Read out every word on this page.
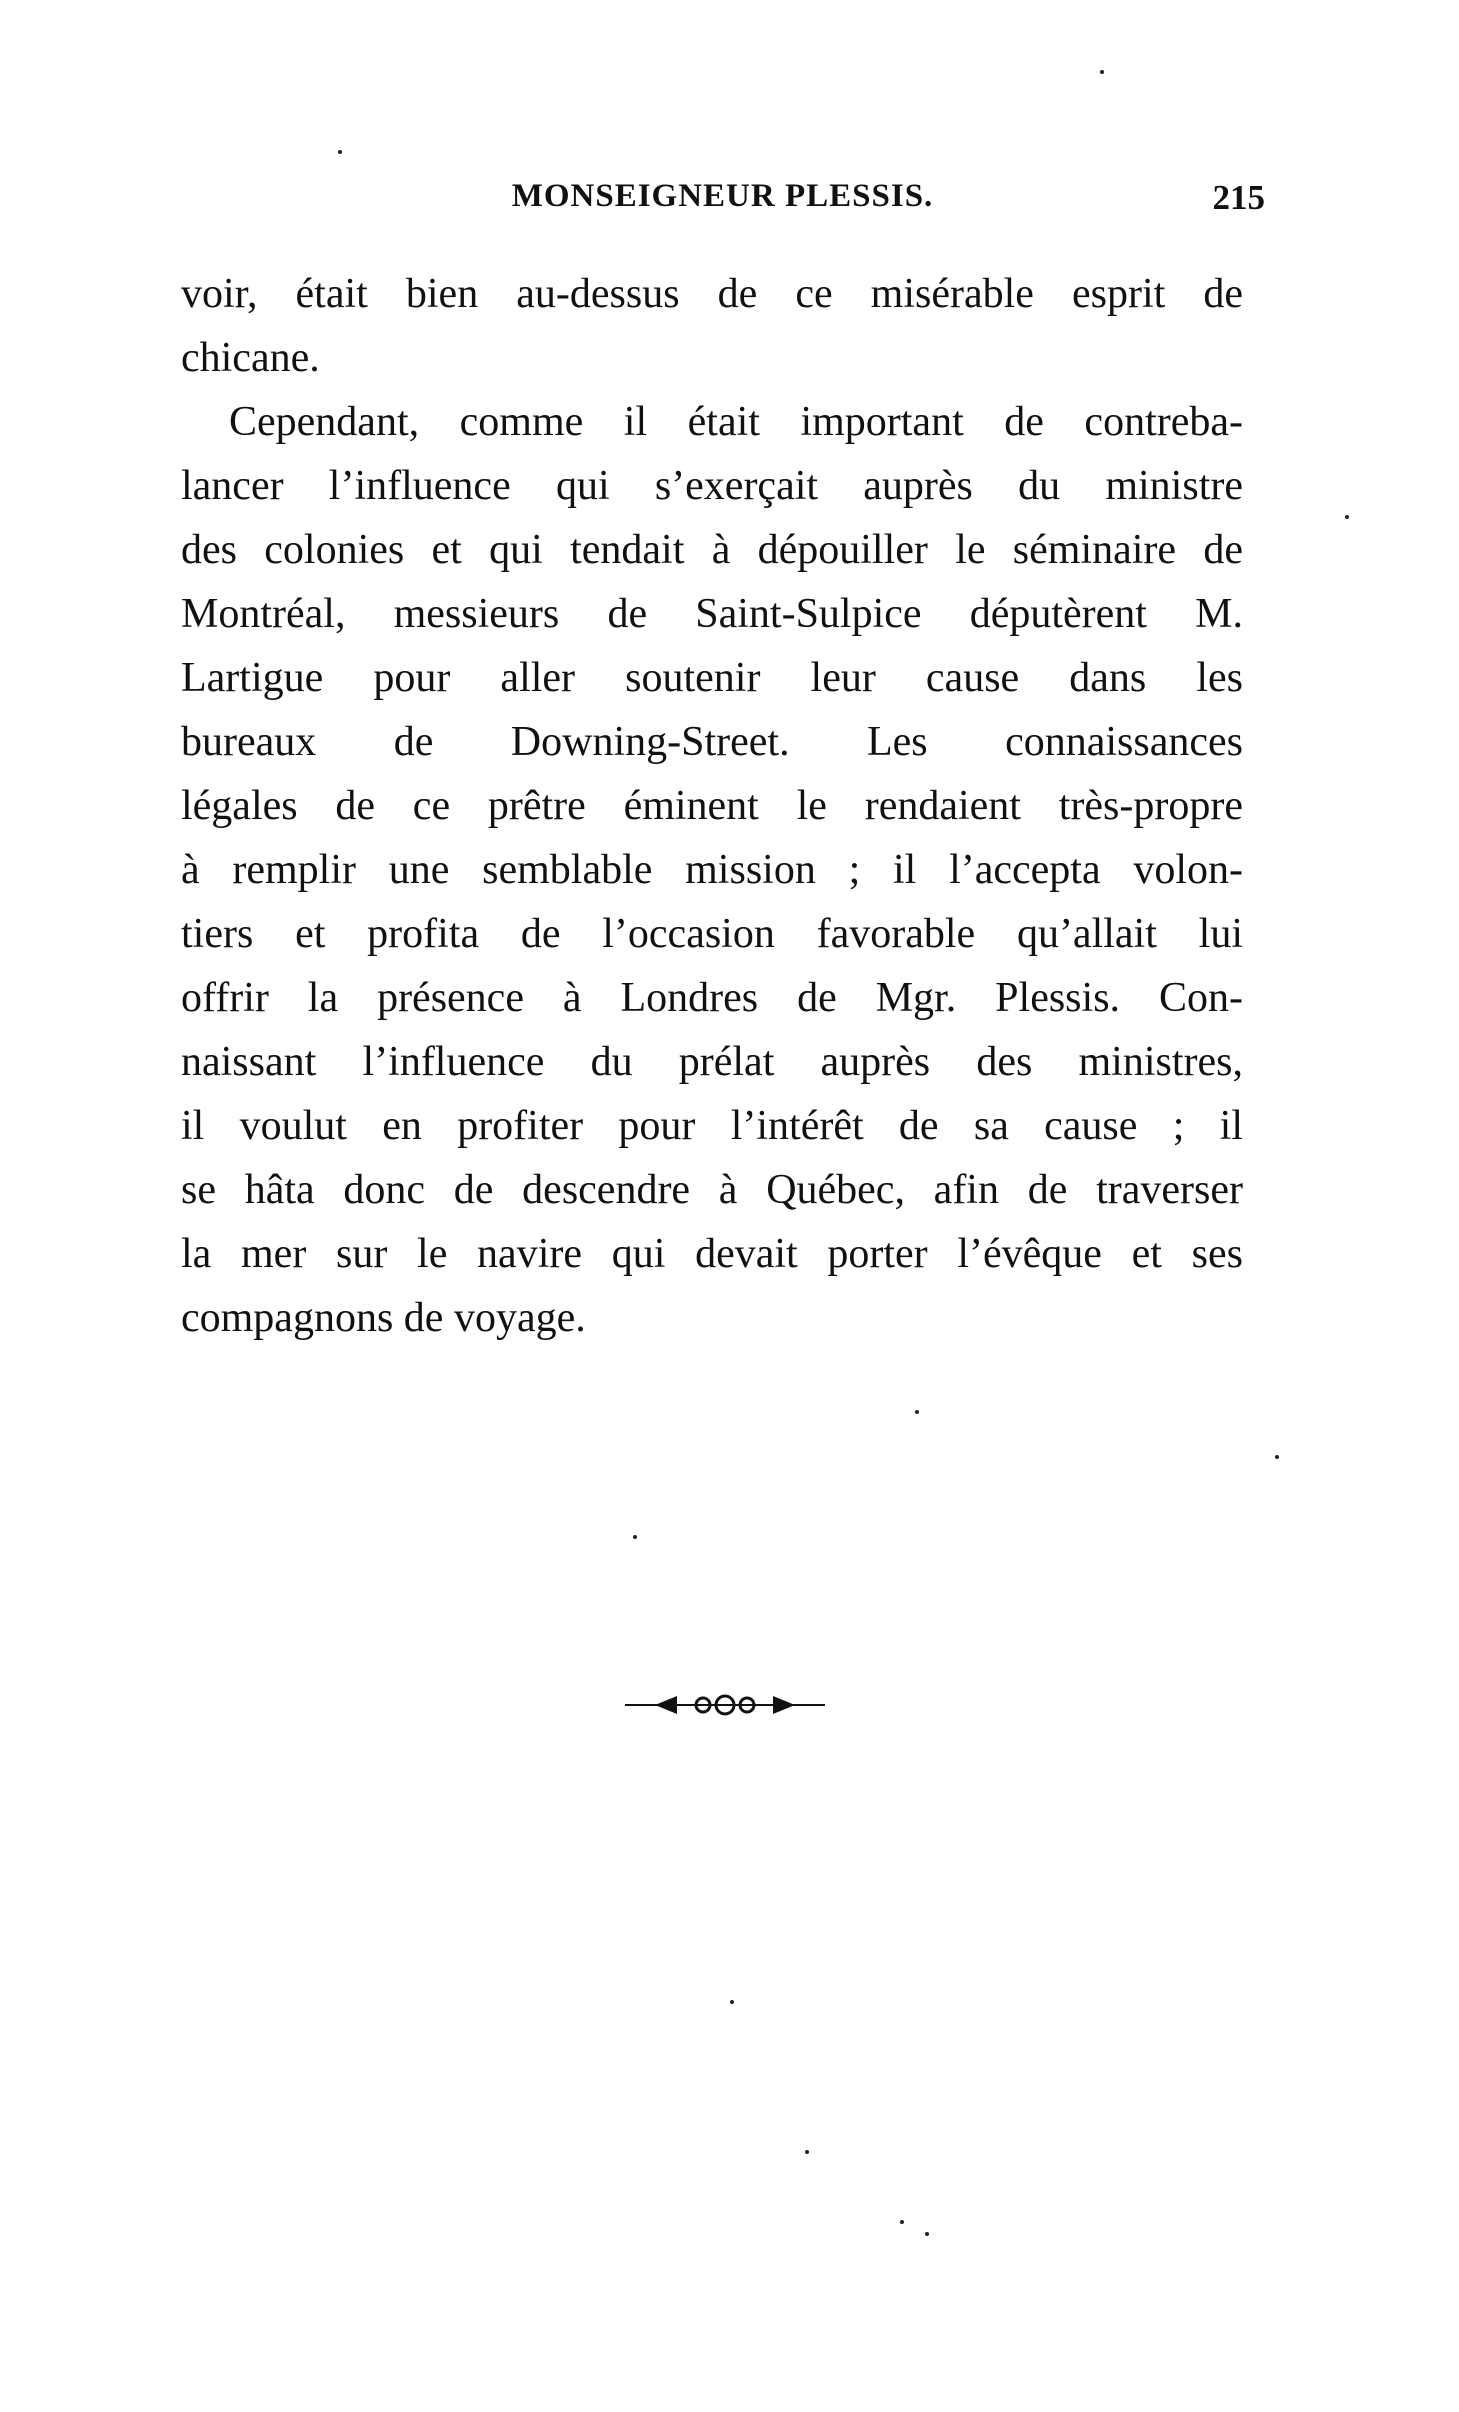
MONSEIGNEUR PLESSIS.	215
voir, était bien au-dessus de ce misérable esprit de
chicane.
Cependant, comme il était important de contreba-
lancer l’influence qui s’exerçait auprès du ministre
des colonies et qui tendait à dépouiller le séminaire de
Montréal, messieurs de Saint-Sulpice députèrent M.
Lartigue pour aller soutenir leur cause dans les
bureaux de Downing-Street. Les connaissances
légales de ce prêtre éminent le rendaient très-propre
à remplir une semblable mission ; il l’accepta volon-
tiers et profita de l’occasion favorable qu’allait lui
offrir la présence à Londres de Mgr. Plessis. Con-
naissant l’influence du prélat auprès des ministres,
il voulut en profiter pour l’intérêt de sa cause ; il
se hâta donc de descendre à Québec, afin de traverser
la mer sur le navire qui devait porter l’évêque et ses
compagnons de voyage.
